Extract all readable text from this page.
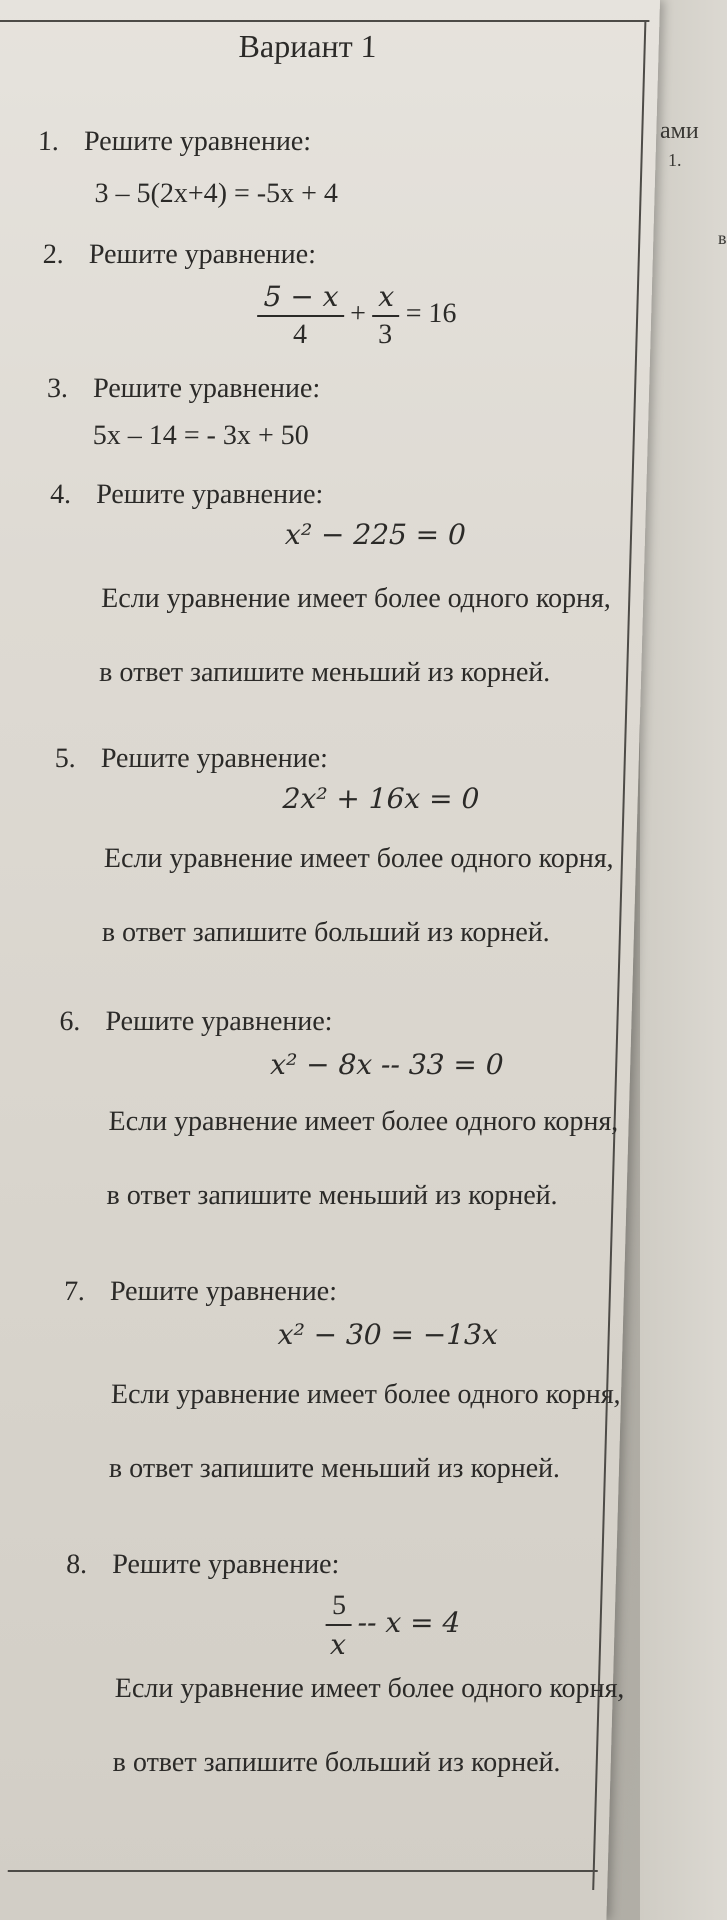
ами
1.
в
Вариант 1
1. Решите уравнение:
3 – 5(2x+4) = -5x + 4
2. Решите уравнение:
$\frac{5 - x}{4} + \frac{x}{3} = 16$
3. Решите уравнение:
5x – 14 = - 3x + 50
4. Решите уравнение:
x² − 225 = 0
Если уравнение имеет более одного корня, в ответ запишите меньший из корней.
5. Решите уравнение:
2x² + 16x = 0
Если уравнение имеет более одного корня, в ответ запишите больший из корней.
6. Решите уравнение:
x² − 8x -- 33 = 0
Если уравнение имеет более одного корня, в ответ запишите меньший из корней.
7. Решите уравнение:
x² − 30 = −13x
Если уравнение имеет более одного корня, в ответ запишите меньший из корней.
8. Решите уравнение:
$\frac{5}{x} -- x = 4$
Если уравнение имеет более одного корня, в ответ запишите больший из корней.
